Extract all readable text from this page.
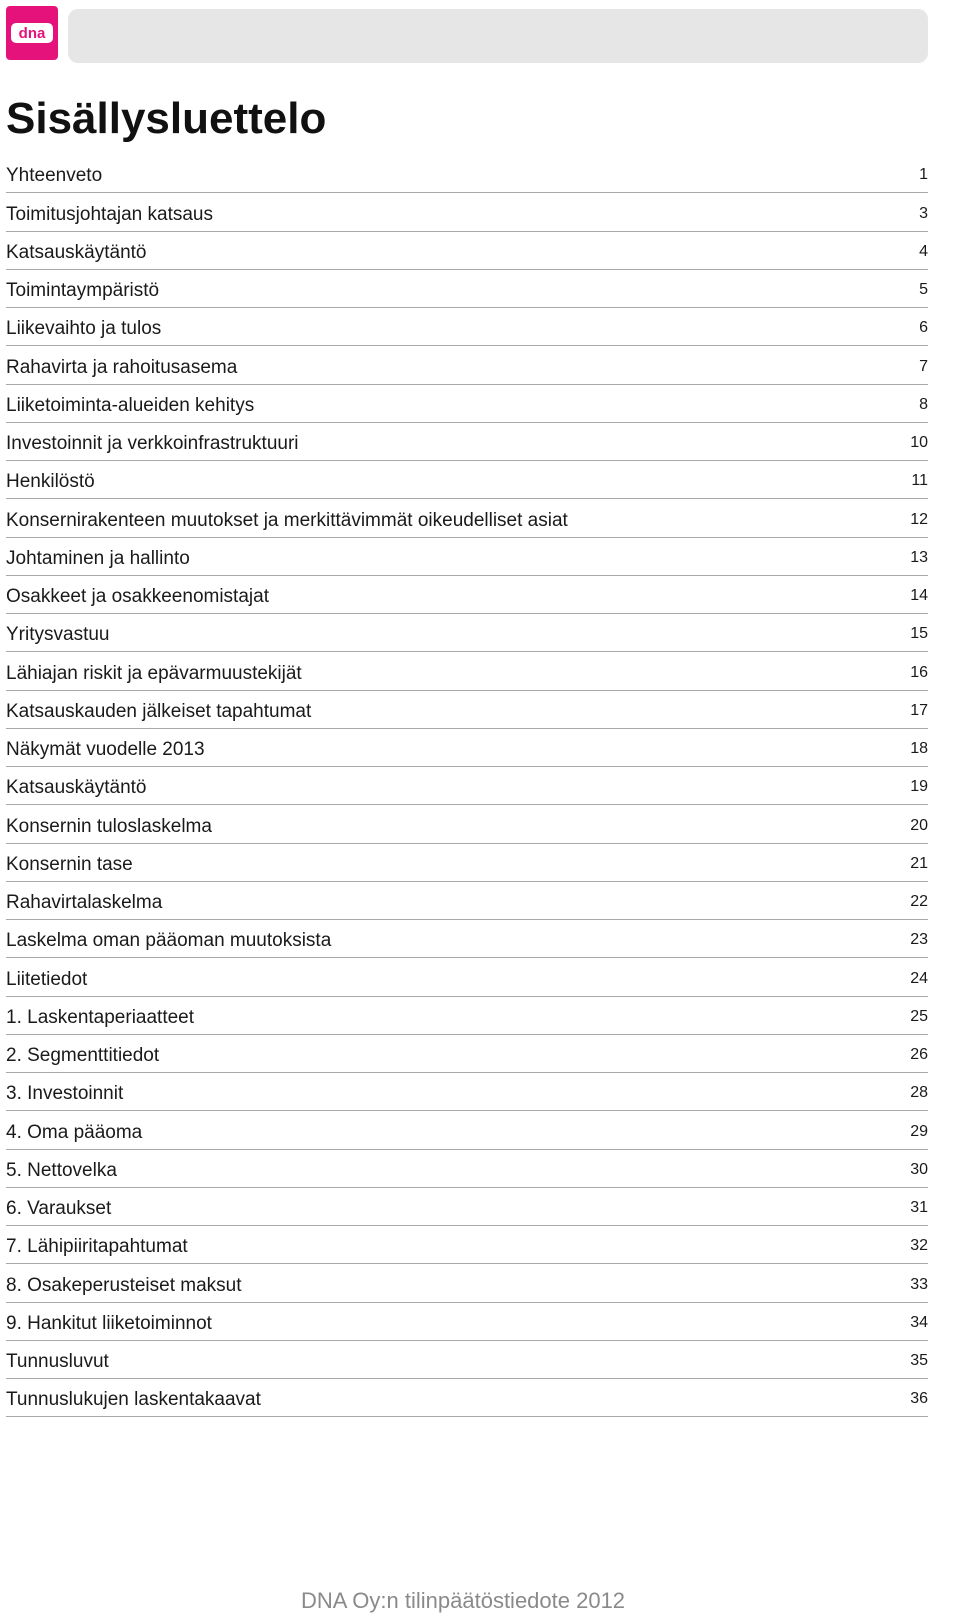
dna
Sisällysluettelo
Yhteenveto	1
Toimitusjohtajan katsaus	3
Katsauskäytäntö	4
Toimintaympäristö	5
Liikevaihto ja tulos	6
Rahavirta ja rahoitusasema	7
Liiketoiminta-alueiden kehitys	8
Investoinnit ja verkkoinfrastruktuuri	10
Henkilöstö	11
Konsernirakenteen muutokset ja merkittävimmät oikeudelliset asiat	12
Johtaminen ja hallinto	13
Osakkeet ja osakkeenomistajat	14
Yritysvastuu	15
Lähiajan riskit ja epävarmuustekijät	16
Katsauskauden jälkeiset tapahtumat	17
Näkymät vuodelle 2013	18
Katsauskäytäntö	19
Konsernin tuloslaskelma	20
Konsernin tase	21
Rahavirtalaskelma	22
Laskelma oman pääoman muutoksista	23
Liitetiedot	24
1. Laskentaperiaatteet	25
2. Segmenttitiedot	26
3. Investoinnit	28
4. Oma pääoma	29
5. Nettovelka	30
6. Varaukset	31
7. Lähipiiritapahtumat	32
8. Osakeperusteiset maksut	33
9. Hankitut liiketoiminnot	34
Tunnusluvut	35
Tunnuslukujen laskentakaavat	36
DNA Oy:n tilinpäätöstiedote 2012
